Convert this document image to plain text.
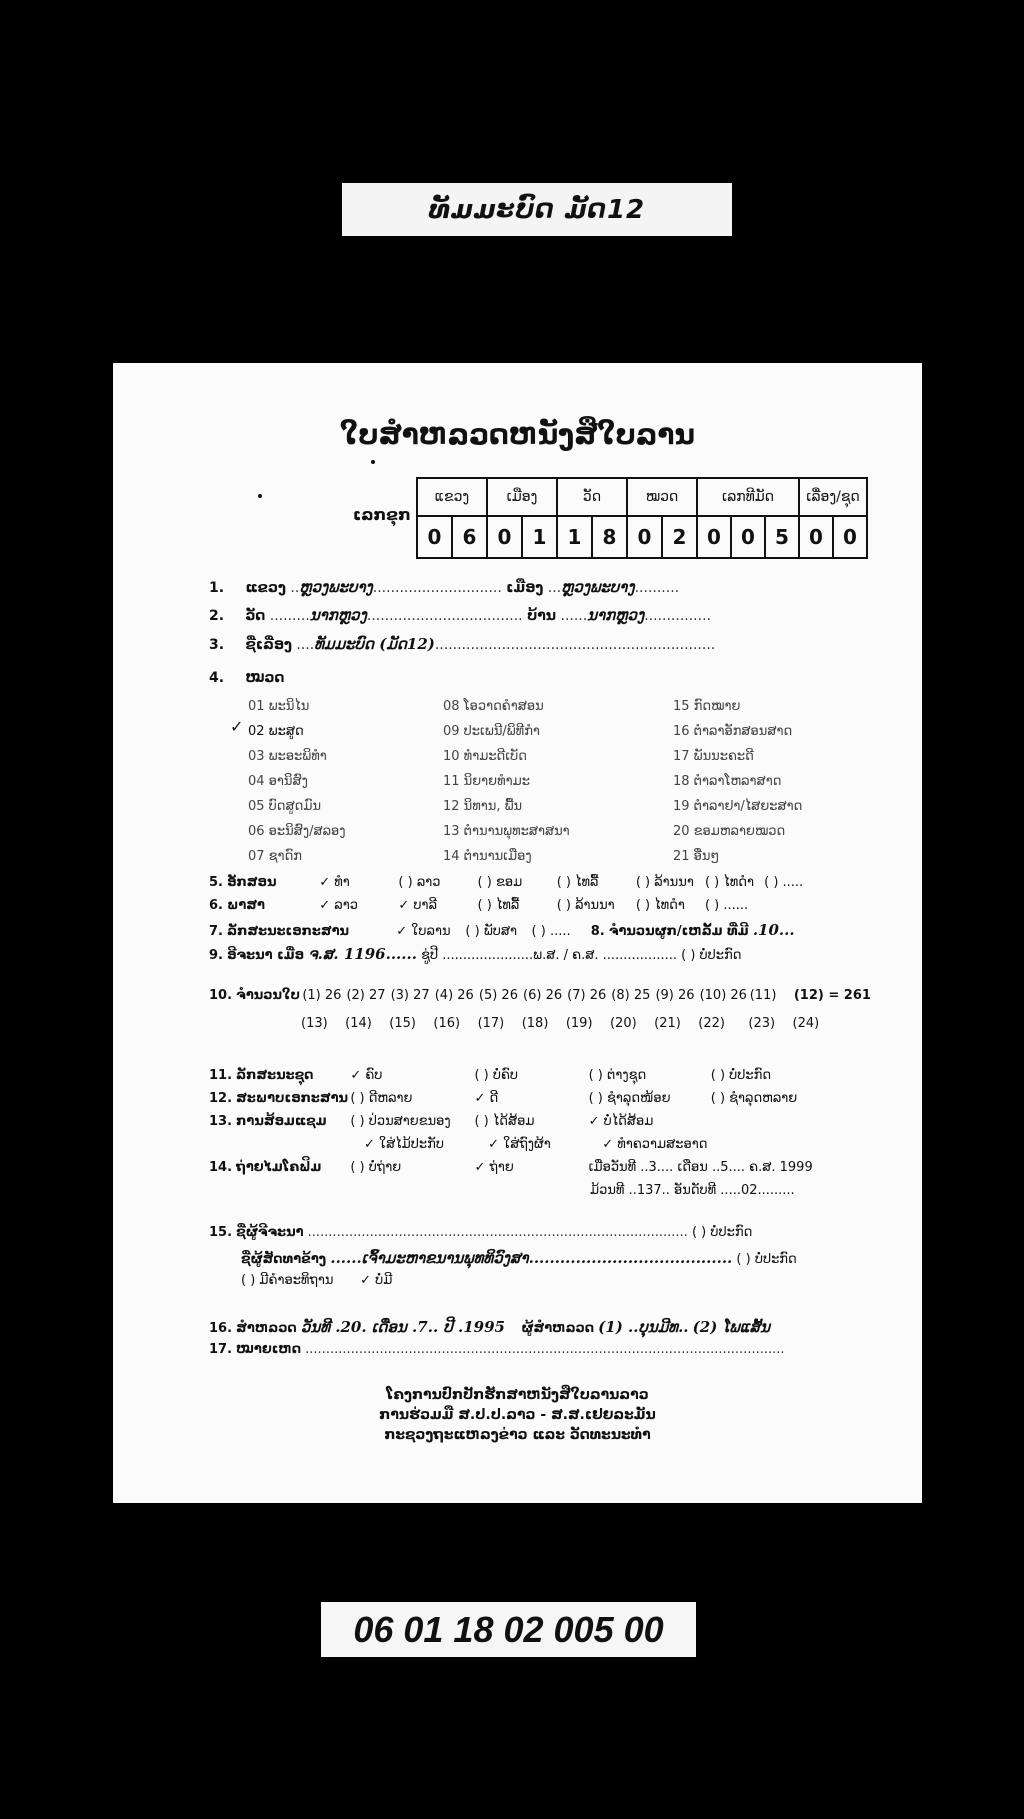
ທັມມະບົດ ມັດ12
ໃບສຳຫລວດຫນັງສືໃບລານ
ເລກຂຸກ
ແຂວງ		ເມືອງ		ວັດ		ໝວດ		ເລກທີມັດ			ເລື່ອງ/ຊຸດ	
0	6	0	1	1	8	0	2	0	0	5	0	0
1. ແຂວງ ..ຫຼວງພະບາງ............................. ເມືອງ ...ຫຼວງພະບາງ..........
2. ວັດ .........ນາກຫຼວງ................................... ບ້ານ ......ນາກຫຼວງ...............
3. ຊື່ເລື່ອງ ....ທັມມະບົດ (ມັດ12)...............................................................
4. ໝວດ
01 ພະນິໄນ	08 ໂອວາດຄຳສອນ	15 ກົດໝາຍ
02 ພະສູດ	09 ປະເພນີ/ພິທີກຳ	16 ຕຳລາອັກສອນສາດ
03 ພະອະພິທຳ	10 ທຳມະດີເບັດ	17 ພັນນະຄະດີ
04 ອານິສົງ	11 ນິຍາຍທຳມະ	18 ຕຳລາໂຫລາສາດ
05 ບົດສູດມົນ	12 ນິທານ, ພື້ນ	19 ຕຳລາຢາ/ໄສຍະສາດ
06 ອະນິສົງ/ສລອງ	13 ຕຳນານພຸທະສາສນາ	20 ຂອມຫລາຍໝວດ
07 ຊາດົກ	14 ຕຳນານເມືອງ	21 ອື່ນໆ
✓
5. ອັກສອນ	✓ ທຳ	( ) ລາວ	( ) ຂອມ	( ) ໄທລື້	( ) ລ້ານນາ ( ) ໄທດຳ ( ) .....
6. ພາສາ	✓ ລາວ	✓ ບາລີ	( ) ໄທລື້	( ) ລ້ານນາ ( ) ໄທດຳ ( ) ......
7. ລັກສະນະເອກະສານ	✓ ໃບລານ ( ) ພັບສາ ( ) ..... 8. ຈຳນວນຜູກ/ເຫລັ້ມ ທີ່ມີ .10...
9. ອີຈະນາ ເມື່ອ ຈ.ສ. 1196...... ຊູ່ປີ ......................ພ.ສ. / ຄ.ສ. .................. ( ) ບໍ່ປະກົດ
10. ຈຳນວນໃບ (1) 26 (2) 27 (3) 27 (4) 26 (5) 26 (6) 26 (7) 26 (8) 25 (9) 26 (10) 26 (11) (12) = 261
(13) (14) (15) (16) (17) (18) (19) (20) (21) (22) (23) (24)
11. ລັກສະນະຊຸດ	✓ ຄົບ	( ) ບໍ່ຄົບ	( ) ຕ່າງຊຸດ	( ) ບໍ່ປະກົດ
12. ສະພາບເອກະສານ ( ) ດີຫລາຍ	✓ ດີ	( ) ຊຳລຸດໜ້ອຍ	( ) ຊຳລຸດຫລາຍ
13. ການສ້ອມແຊມ ( ) ປ່ວນສາຍຂນອງ ( ) ໄດ້ສ້ອມ	✓ ບໍ່ໄດ້ສ້ອມ
✓ ໃສ່ໄມ້ປະກັບ	✓ ໃສ່ຖົງຜ້າ	✓ ທຳຄວາມສະອາດ
14. ຖ່າຍໄມໂຄຟິມ ( ) ບໍ່ຖ່າຍ	✓ ຖ່າຍ	ເມື່ອວັນທີ ..3.... ເດືອນ ..5.... ຄ.ສ. 1999
ມ້ວນທີ ..137.. ອັນດັບທີ .....02.........
15. ຊື່ຜູ້ຈີຈະນາ ............................................................................................ ( ) ບໍ່ປະກົດ
ຊື່ຜູ້ສັດທາຂ້າງ ......ເຈົ້າມະຫາຂນານພຸທທິວົງສາ....................................... ( ) ບໍ່ປະກົດ
( ) ມີຄຳອະທິຖານ ✓ ບໍ່ມີ
16. ສຳຫລວດ ວັນທີ .20. ເດືອນ .7.. ປີ .1995 ຜູ້ສຳຫລວດ (1) ..ບຸນມີທ.. (2) ໂພແສັ້ນ
17. ໝາຍເຫດ ....................................................................................................................
ໂຄງການປົກປັກຮັກສາຫນັງສືໃບລານລາວ
ການຮ່ວມມື ສ.ປ.ປ.ລາວ - ສ.ສ.ເຢຍລະມັນ
ກະຊວງຖະແຫລງຂ່າວ ແລະ ວັດທະນະທຳ
06 01 18 02 005 00
